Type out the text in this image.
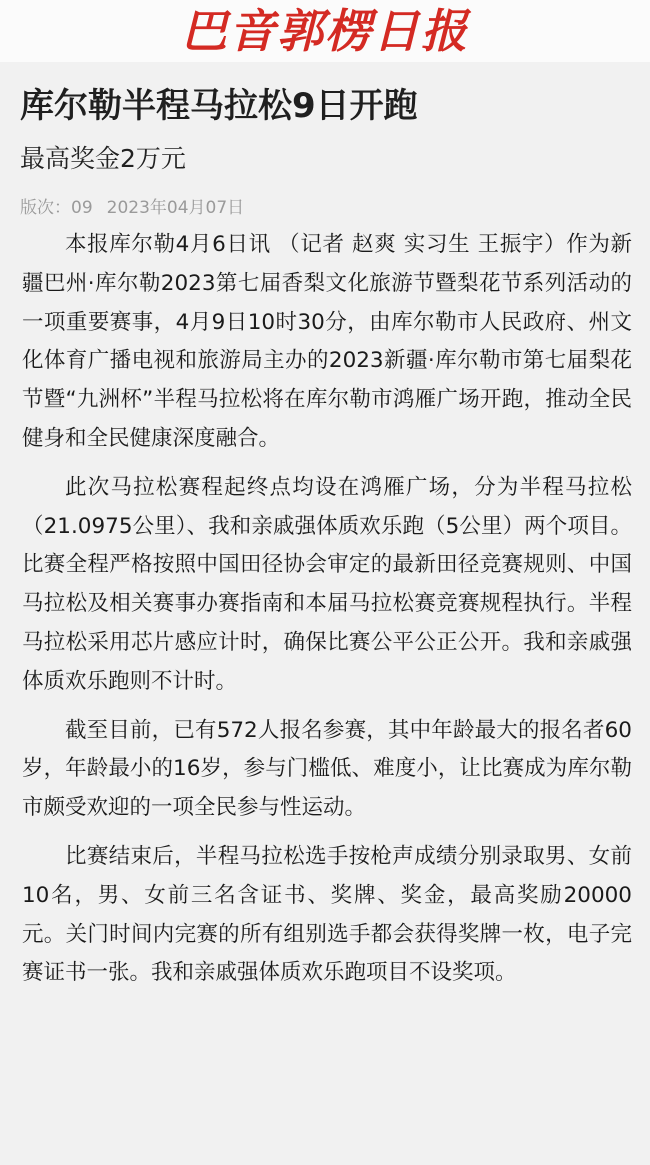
巴音郭楞日报
库尔勒半程马拉松9日开跑
最高奖金2万元
版次：09 2023年04月07日

本报库尔勒4月6日讯 （记者 赵爽 实习生 王振宇）作为新疆巴州·库尔勒2023第七届香梨文化旅游节暨梨花节系列活动的一项重要赛事，4月9日10时30分，由库尔勒市人民政府、州文化体育广播电视和旅游局主办的2023新疆·库尔勒市第七届梨花节暨“九洲杯”半程马拉松将在库尔勒市鸿雁广场开跑，推动全民健身和全民健康深度融合。

此次马拉松赛程起终点均设在鸿雁广场，分为半程马拉松（21.0975公里）、我和亲戚强体质欢乐跑（5公里）两个项目。比赛全程严格按照中国田径协会审定的最新田径竞赛规则、中国马拉松及相关赛事办赛指南和本届马拉松赛竞赛规程执行。半程马拉松采用芯片感应计时，确保比赛公平公正公开。我和亲戚强体质欢乐跑则不计时。

截至目前，已有572人报名参赛，其中年龄最大的报名者60岁，年龄最小的16岁，参与门槛低、难度小，让比赛成为库尔勒市颇受欢迎的一项全民参与性运动。

比赛结束后，半程马拉松选手按枪声成绩分别录取男、女前10名，男、女前三名含证书、奖牌、奖金，最高奖励20000元。关门时间内完赛的所有组别选手都会获得奖牌一枚，电子完赛证书一张。我和亲戚强体质欢乐跑项目不设奖项。
